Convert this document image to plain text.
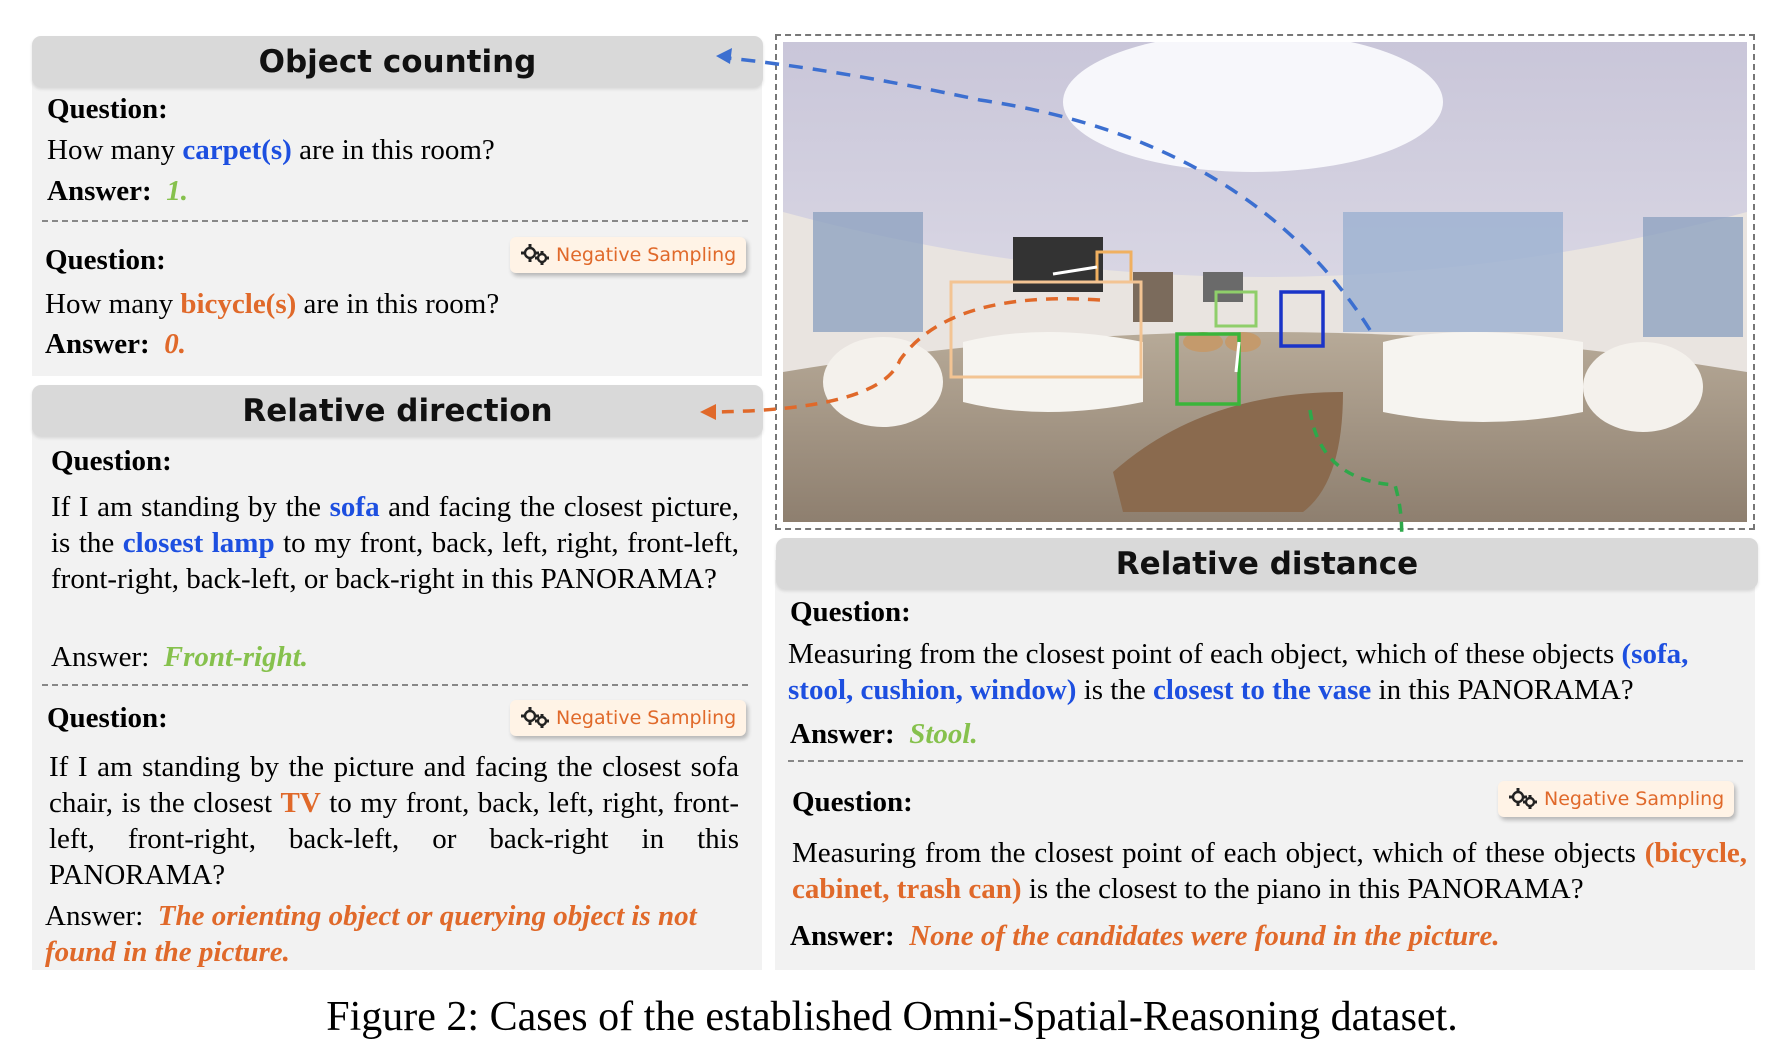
Object counting
Question:
How many carpet(s) are in this room?
Answer: 1.
Question:	Negative Sampling
How many bicycle(s) are in this room?
Answer: 0.
Relative direction
Question:
If I am standing by the sofa and facing the closest picture, is the closest lamp to my front, back, left, right, front-left, front-right, back-left, or back-right in this PANORAMA?
Answer:  Front-right.
Question:	Negative Sampling
If I am standing by the picture and facing the closest sofa chair, is the closest TV to my front, back, left, right, front-left, front-right, back-left, or back-right in this PANORAMA?
Answer:  The orienting object or querying object is not found in the picture.
Relative distance
Question:
Measuring from the closest point of each object, which of these objects (sofa, stool, cushion, window) is the closest to the vase in this PANORAMA?
Answer: Stool.
Question:	Negative Sampling
Measuring from the closest point of each object, which of these objects (bicycle, cabinet, trash can) is the closest to the piano in this PANORAMA?
Answer: None of the candidates were found in the picture.
Figure 2: Cases of the established Omni-Spatial-Reasoning dataset.
